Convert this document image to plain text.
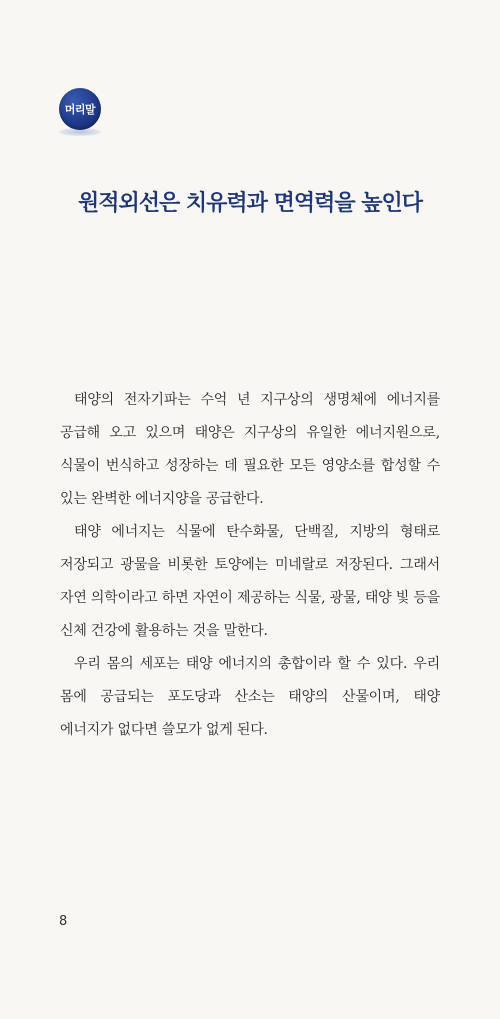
머리말
원적외선은 치유력과 면역력을 높인다

태양의 전자기파는 수억 년 지구상의 생명체에 에너지를 공급해 오고 있으며 태양은 지구상의 유일한 에너지원으로, 식물이 번식하고 성장하는 데 필요한 모든 영양소를 합성할 수 있는 완벽한 에너지양을 공급한다.

태양 에너지는 식물에 탄수화물, 단백질, 지방의 형태로 저장되고 광물을 비롯한 토양에는 미네랄로 저장된다. 그래서 자연 의학이라고 하면 자연이 제공하는 식물, 광물, 태양 빛 등을 신체 건강에 활용하는 것을 말한다.

우리 몸의 세포는 태양 에너지의 총합이라 할 수 있다. 우리 몸에 공급되는 포도당과 산소는 태양의 산물이며, 태양 에너지가 없다면 쓸모가 없게 된다.

8
